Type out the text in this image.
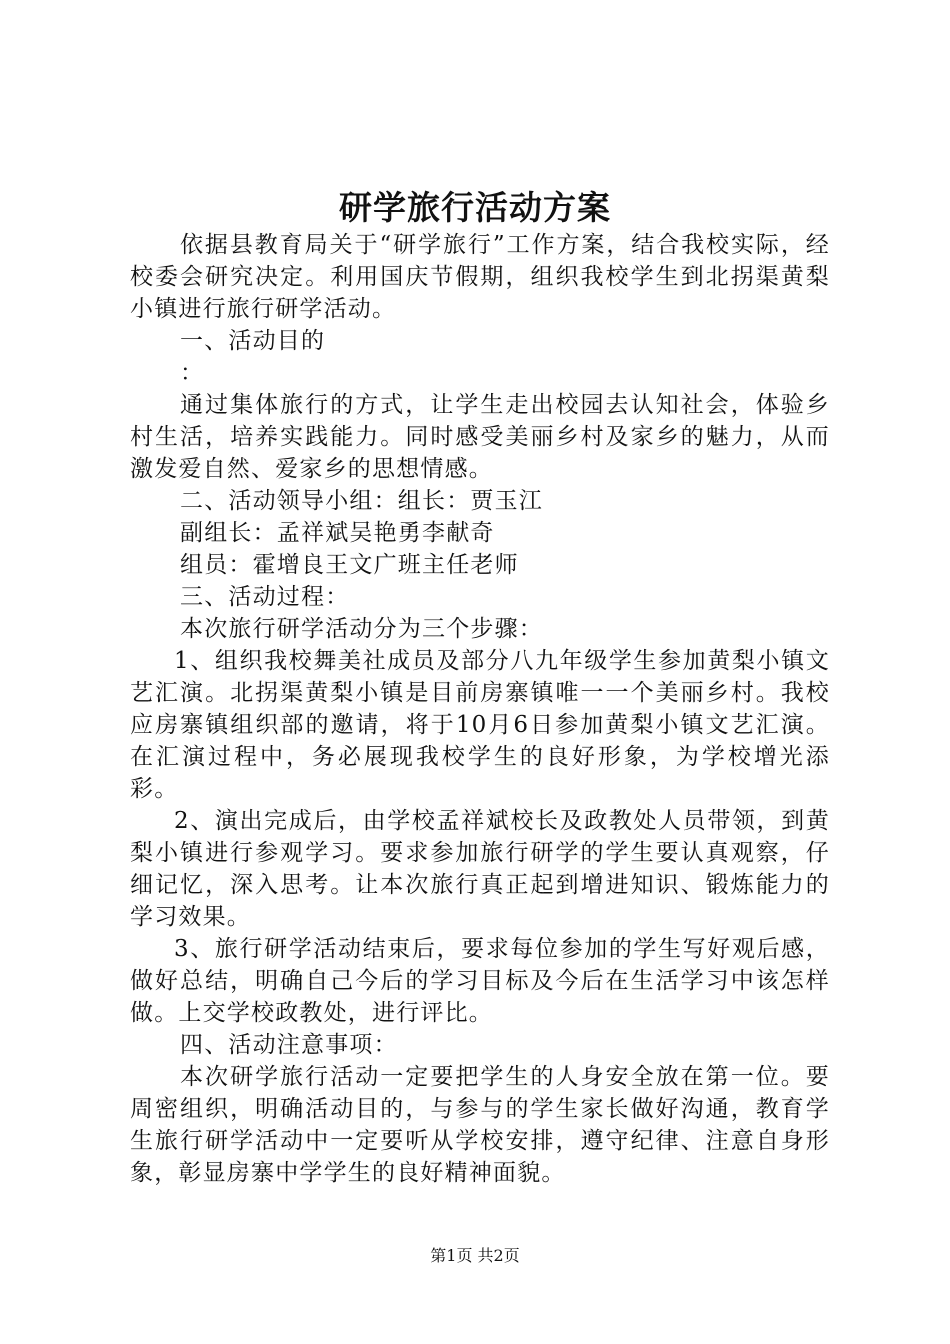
研学旅行活动方案

依据县教育局关于“研学旅行”工作方案，结合我校实际，经校委会研究决定。利用国庆节假期，组织我校学生到北拐渠黄梨小镇进行旅行研学活动。

一、活动目的

：

通过集体旅行的方式，让学生走出校园去认知社会，体验乡村生活，培养实践能力。同时感受美丽乡村及家乡的魅力，从而激发爱自然、爱家乡的思想情感。

二、活动领导小组：组长：贾玉江

副组长：孟祥斌吴艳勇李献奇

组员：霍增良王文广班主任老师

三、活动过程：

本次旅行研学活动分为三个步骤：

1、组织我校舞美社成员及部分八九年级学生参加黄梨小镇文艺汇演。北拐渠黄梨小镇是目前房寨镇唯一一个美丽乡村。我校应房寨镇组织部的邀请，将于10月6日参加黄梨小镇文艺汇演。在汇演过程中，务必展现我校学生的良好形象，为学校增光添彩。

2、演出完成后，由学校孟祥斌校长及政教处人员带领，到黄梨小镇进行参观学习。要求参加旅行研学的学生要认真观察，仔细记忆，深入思考。让本次旅行真正起到增进知识、锻炼能力的学习效果。

3、旅行研学活动结束后，要求每位参加的学生写好观后感，做好总结，明确自己今后的学习目标及今后在生活学习中该怎样做。上交学校政教处，进行评比。

四、活动注意事项：

本次研学旅行活动一定要把学生的人身安全放在第一位。要周密组织，明确活动目的，与参与的学生家长做好沟通，教育学生旅行研学活动中一定要听从学校安排，遵守纪律、注意自身形象，彰显房寨中学学生的良好精神面貌。

第1页 共2页
